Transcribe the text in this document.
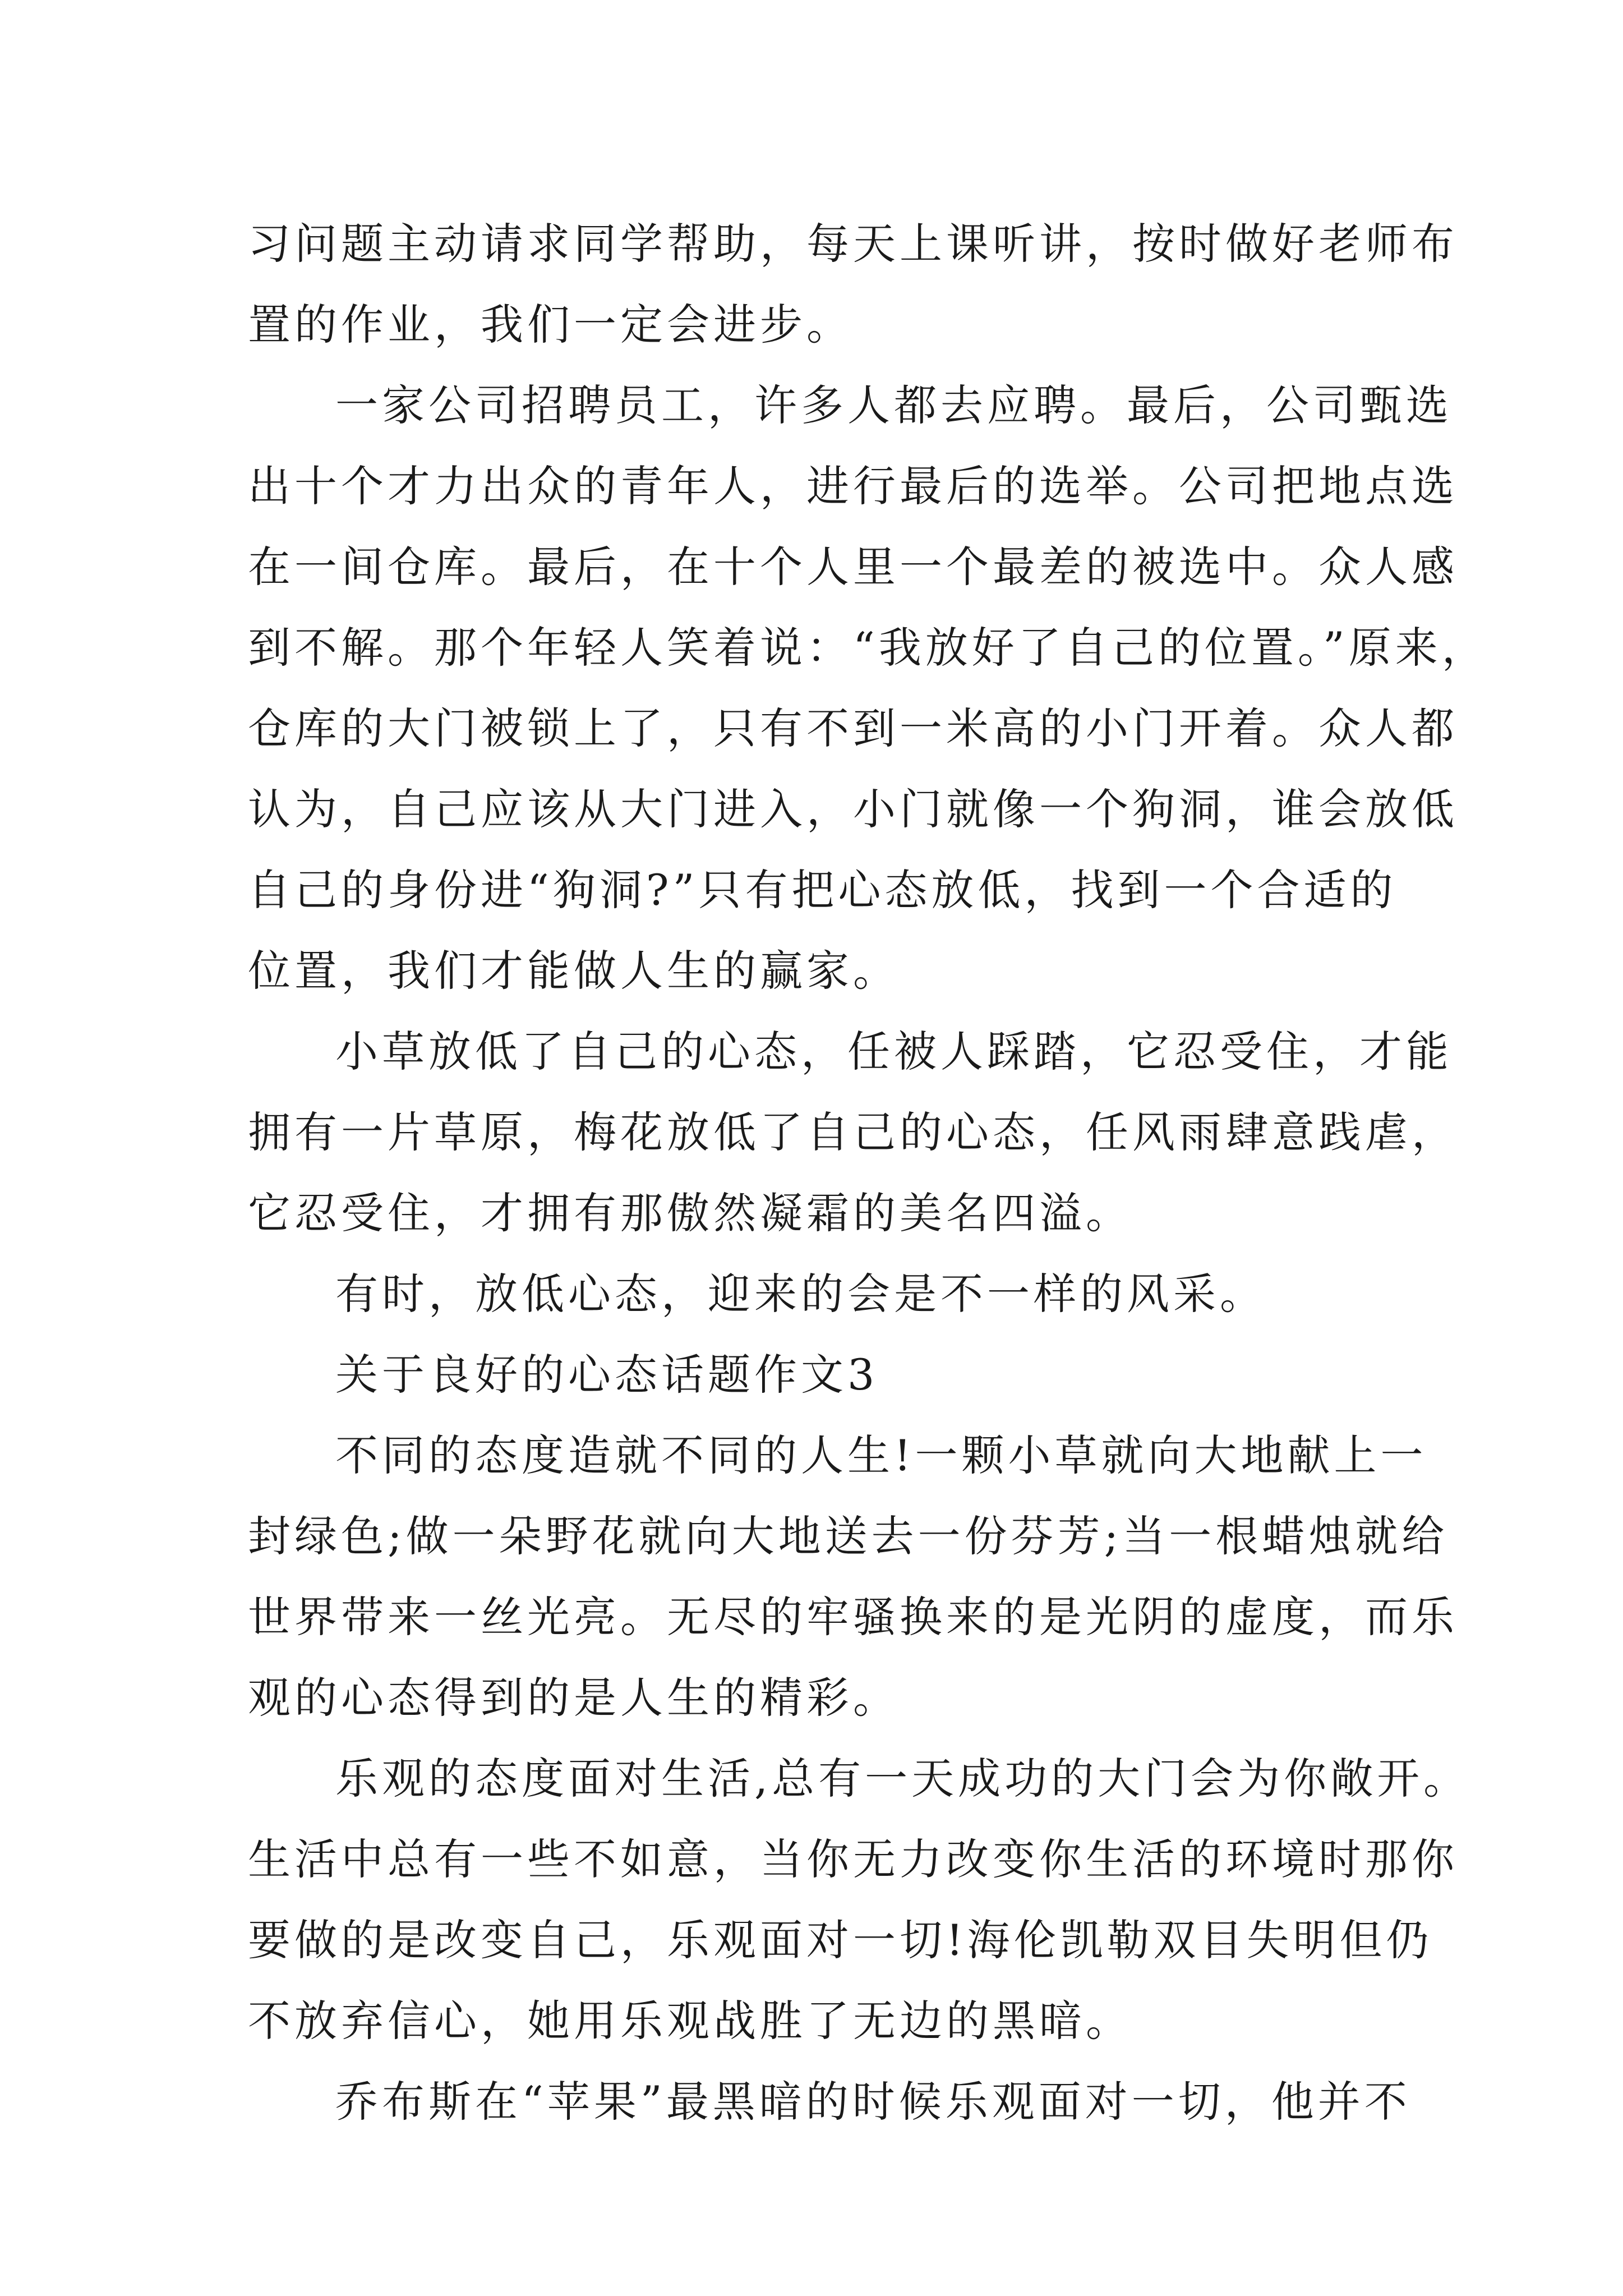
习问题主动请求同学帮助，每天上课听讲，按时做好老师布
置的作业，我们一定会进步。
一家公司招聘员工，许多人都去应聘。最后，公司甄选
出十个才力出众的青年人，进行最后的选举。公司把地点选
在一间仓库。最后，在十个人里一个最差的被选中。众人感
到不解。那个年轻人笑着说：“我放好了自己的位置。”原来，
仓库的大门被锁上了，只有不到一米高的小门开着。众人都
认为，自己应该从大门进入，小门就像一个狗洞，谁会放低
自己的身份进“狗洞?”只有把心态放低，找到一个合适的
位置，我们才能做人生的赢家。
小草放低了自己的心态，任被人踩踏，它忍受住，才能
拥有一片草原，梅花放低了自己的心态，任风雨肆意践虐，
它忍受住，才拥有那傲然凝霜的美名四溢。
有时，放低心态，迎来的会是不一样的风采。
关于良好的心态话题作文3
不同的态度造就不同的人生!一颗小草就向大地献上一
封绿色;做一朵野花就向大地送去一份芬芳;当一根蜡烛就给
世界带来一丝光亮。无尽的牢骚换来的是光阴的虚度，而乐
观的心态得到的是人生的精彩。
乐观的态度面对生活,总有一天成功的大门会为你敞开。
生活中总有一些不如意，当你无力改变你生活的环境时那你
要做的是改变自己，乐观面对一切!海伦凯勒双目失明但仍
不放弃信心，她用乐观战胜了无边的黑暗。
乔布斯在“苹果”最黑暗的时候乐观面对一切，他并不
